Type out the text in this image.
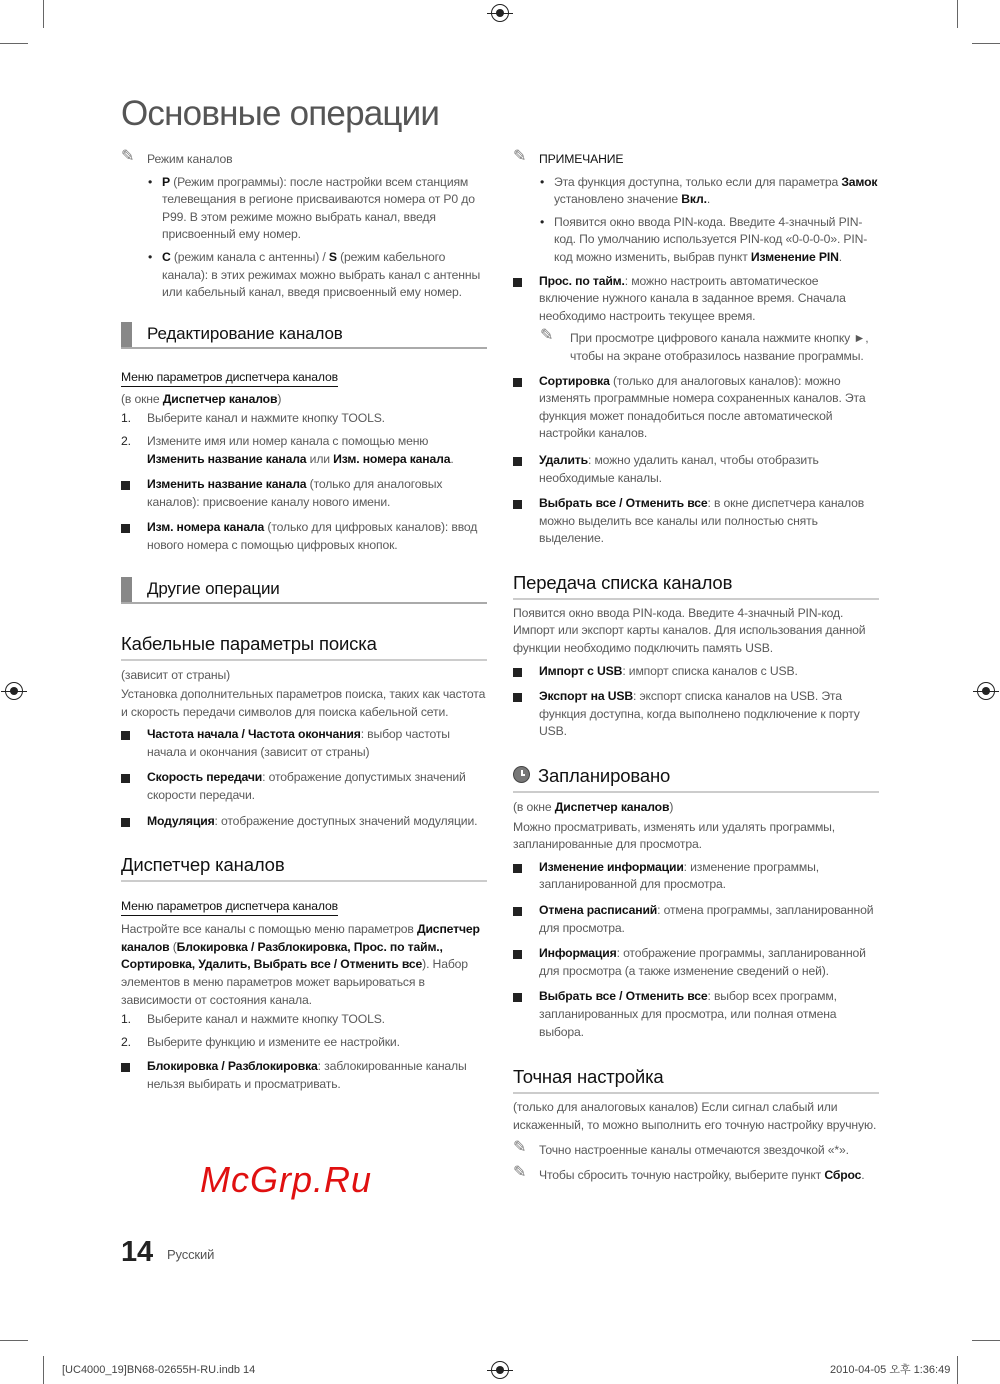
Основные операции
✎	Режим каналов
• P (Режим программы): после настройки всем станциям телевещания в регионе присваиваются номера от P0 до P99. В этом режиме можно выбрать канал, введя присвоенный ему номер.
• C (режим канала с антенны) / S (режим кабельного канала): в этих режимах можно выбрать канал с антенны или кабельный канал, введя присвоенный ему номер.
Редактирование каналов
Меню параметров диспетчера каналов
(в окне Диспетчер каналов)
1.	Выберите канал и нажмите кнопку TOOLS.
2.	Измените имя или номер канала с помощью меню Изменить название канала или Изм. номера канала.
Изменить название канала (только для аналоговых каналов): присвоение каналу нового имени.
Изм. номера канала (только для цифровых каналов): ввод нового номера с помощью цифровых кнопок.
Другие операции
Кабельные параметры поиска
(зависит от страны)
Установка дополнительных параметров поиска, таких как частота и скорость передачи символов для поиска кабельной сети.
Частота начала / Частота окончания: выбор частоты начала и окончания (зависит от страны)
Скорость передачи: отображение допустимых значений скорости передачи.
Модуляция: отображение доступных значений модуляции.
Диспетчер каналов
Меню параметров диспетчера каналов
Настройте все каналы с помощью меню параметров Диспетчер каналов (Блокировка / Разблокировка, Прос. по тайм., Сортировка, Удалить, Выбрать все / Отменить все). Набор элементов в меню параметров может варьироваться в зависимости от состояния канала.
1.	Выберите канал и нажмите кнопку TOOLS.
2.	Выберите функцию и измените ее настройки.
Блокировка / Разблокировка: заблокированные каналы нельзя выбирать и просматривать.
✎	ПРИМЕЧАНИЕ
• Эта функция доступна, только если для параметра Замок установлено значение Вкл..
• Появится окно ввода PIN-кода. Введите 4-значный PIN-код. По умолчанию используется PIN-код «0-0-0-0». PIN-код можно изменить, выбрав пункт Изменение PIN.
Прос. по тайм.: можно настроить автоматическое включение нужного канала в заданное время. Сначала необходимо настроить текущее время.
✎	При просмотре цифрового канала нажмите кнопку ►, чтобы на экране отобразилось название программы.
Сортировка (только для аналоговых каналов): можно изменять программные номера сохраненных каналов. Эта функция может понадобиться после автоматической настройки каналов.
Удалить: можно удалить канал, чтобы отобразить необходимые каналы.
Выбрать все / Отменить все: в окне диспетчера каналов можно выделить все каналы или полностью снять выделение.
Передача списка каналов
Появится окно ввода PIN-кода. Введите 4-значный PIN-код. Импорт или экспорт карты каналов. Для использования данной функции необходимо подключить память USB.
Импорт с USB: импорт списка каналов с USB.
Экспорт на USB: экспорт списка каналов на USB. Эта функция доступна, когда выполнено подключение к порту USB.
Запланировано
(в окне Диспетчер каналов)
Можно просматривать, изменять или удалять программы, запланированные для просмотра.
Изменение информации: изменение программы, запланированной для просмотра.
Отмена расписаний: отмена программы, запланированной для просмотра.
Информация: отображение программы, запланированной для просмотра (а также изменение сведений о ней).
Выбрать все / Отменить все: выбор всех программ, запланированных для просмотра, или полная отмена выбора.
Точная настройка
(только для аналоговых каналов) Если сигнал слабый или искаженный, то можно выполнить его точную настройку вручную.
✎	Точно настроенные каналы отмечаются звездочкой «*».
✎	Чтобы сбросить точную настройку, выберите пункт Сброс.
14 Русский
McGrp.Ru
[UC4000_19]BN68-02655H-RU.indb 14	2010-04-05 오후 1:36:49
